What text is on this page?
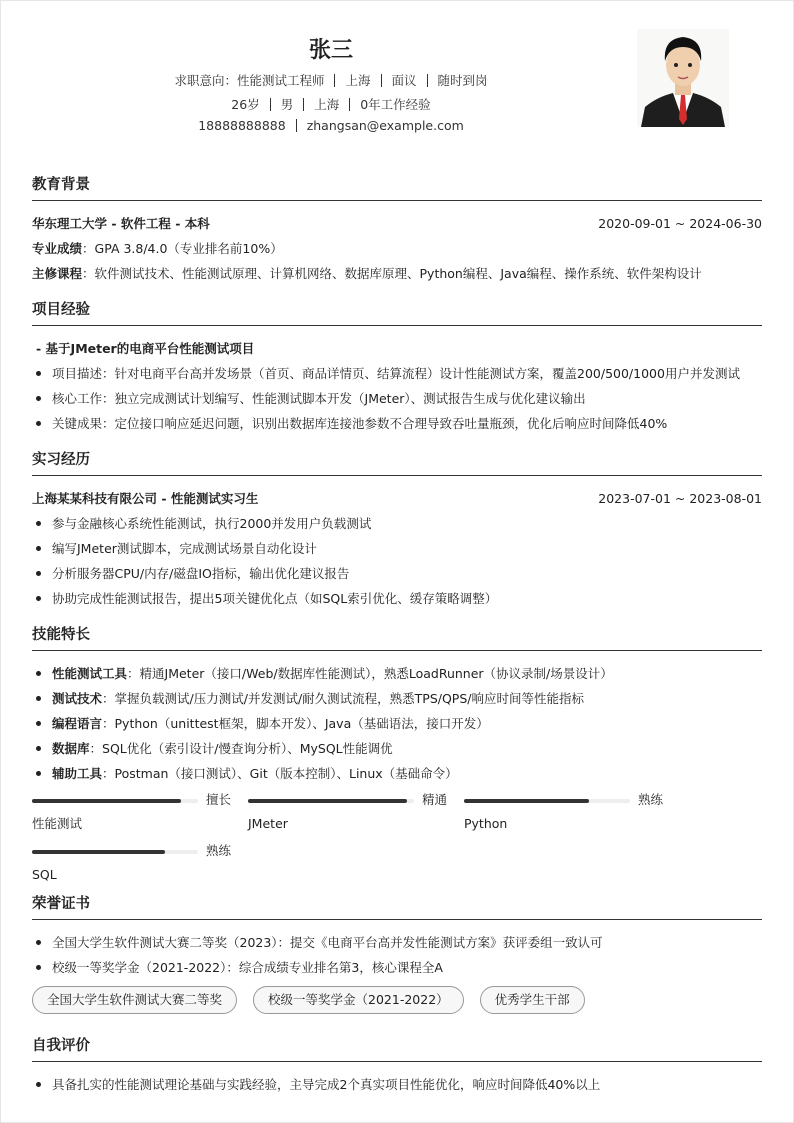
张三
求职意向：性能测试工程师 上海 面议 随时到岗
26岁 男 上海 0年工作经验
18888888888 zhangsan@example.com
教育背景
华东理工大学 - 软件工程 - 本科	2020-09-01 ~ 2024-06-30
专业成绩：GPA 3.8/4.0（专业排名前10%）
主修课程：软件测试技术、性能测试原理、计算机网络、数据库原理、Python编程、Java编程、操作系统、软件架构设计
项目经验
- 基于JMeter的电商平台性能测试项目
项目描述：针对电商平台高并发场景（首页、商品详情页、结算流程）设计性能测试方案，覆盖200/500/1000用户并发测试
核心工作：独立完成测试计划编写、性能测试脚本开发（JMeter）、测试报告生成与优化建议输出
关键成果：定位接口响应延迟问题，识别出数据库连接池参数不合理导致吞吐量瓶颈，优化后响应时间降低40%
实习经历
上海某某科技有限公司 - 性能测试实习生	2023-07-01 ~ 2023-08-01
参与金融核心系统性能测试，执行2000并发用户负载测试
编写JMeter测试脚本，完成测试场景自动化设计
分析服务器CPU/内存/磁盘IO指标，输出优化建议报告
协助完成性能测试报告，提出5项关键优化点（如SQL索引优化、缓存策略调整）
技能特长
性能测试工具：精通JMeter（接口/Web/数据库性能测试），熟悉LoadRunner（协议录制/场景设计）
测试技术：掌握负载测试/压力测试/并发测试/耐久测试流程，熟悉TPS/QPS/响应时间等性能指标
编程语言：Python（unittest框架，脚本开发）、Java（基础语法，接口开发）
数据库：SQL优化（索引设计/慢查询分析）、MySQL性能调优
辅助工具：Postman（接口测试）、Git（版本控制）、Linux（基础命令）
擅长
性能测试
精通
JMeter
熟练
Python
熟练
SQL
荣誉证书
全国大学生软件测试大赛二等奖（2023）：提交《电商平台高并发性能测试方案》获评委组一致认可
校级一等奖学金（2021-2022）：综合成绩专业排名第3，核心课程全A
全国大学生软件测试大赛二等奖	校级一等奖学金（2021-2022）	优秀学生干部
自我评价
具备扎实的性能测试理论基础与实践经验，主导完成2个真实项目性能优化，响应时间降低40%以上
